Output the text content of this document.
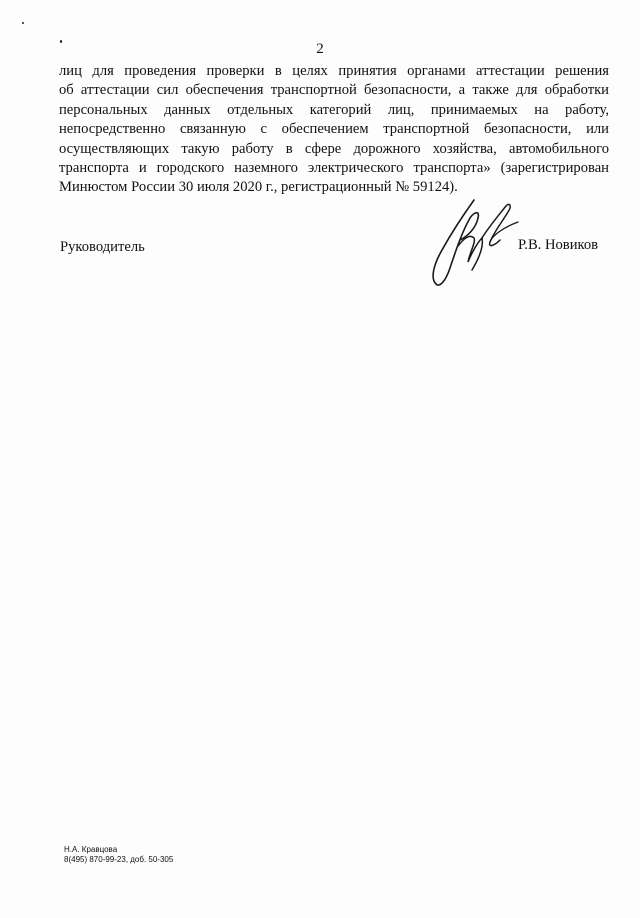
2
лиц для проведения проверки в целях принятия органами аттестации решения
об аттестации сил обеспечения транспортной безопасности, а также для обработки
персональных данных отдельных категорий лиц, принимаемых на работу,
непосредственно связанную с обеспечением транспортной безопасности, или
осуществляющих такую работу в сфере дорожного хозяйства, автомобильного
транспорта и городского наземного электрического транспорта» (зарегистрирован
Минюстом России 30 июля 2020 г., регистрационный № 59124).
Руководитель	Р.В. Новиков
Н.А. Кравцова
8(495) 870-99-23, доб. 50-305
